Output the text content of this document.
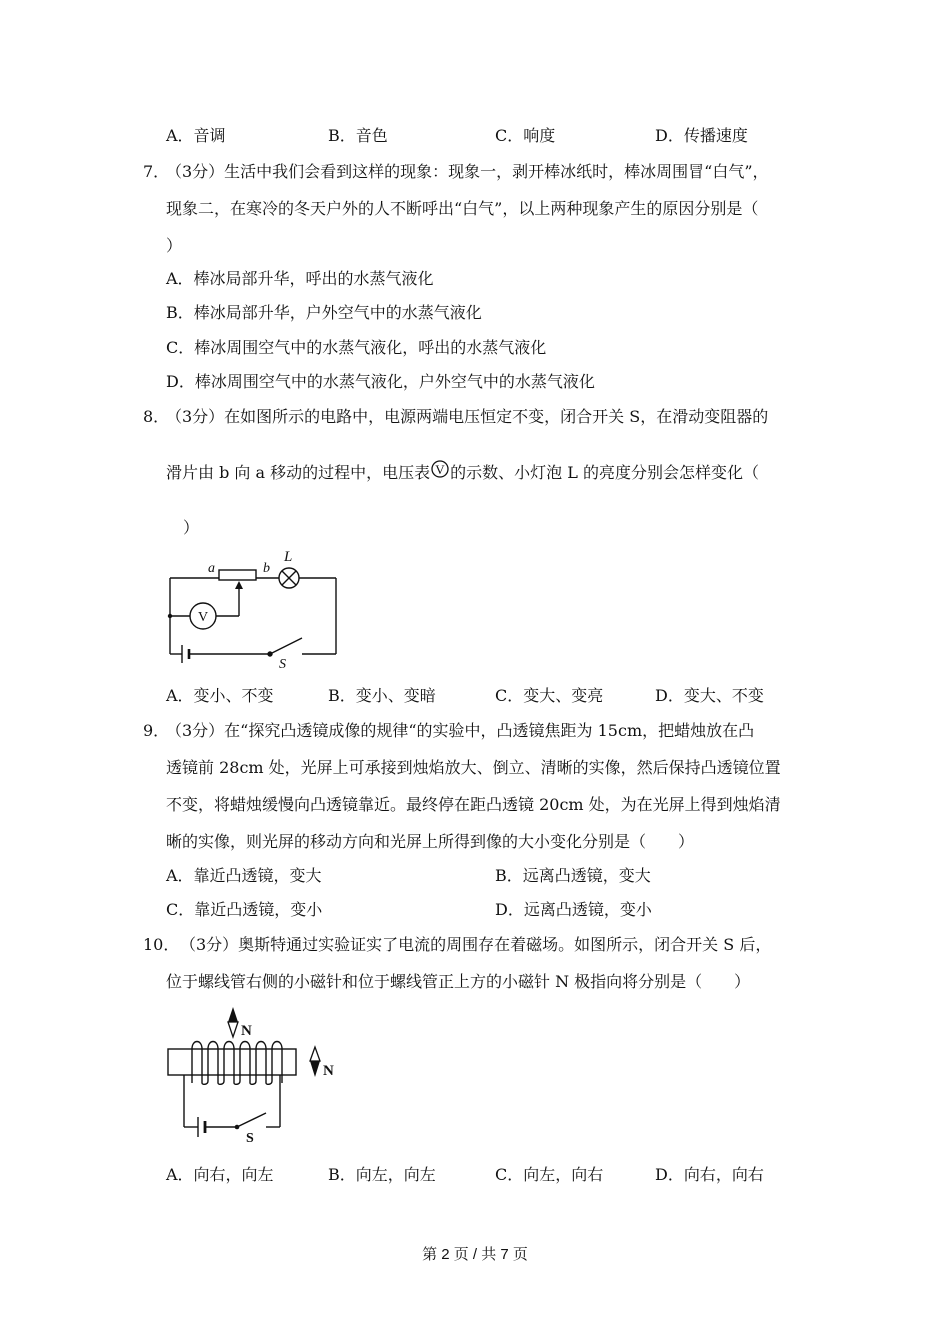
A．音调	B．音色	C．响度	D．传播速度
7．
（3分）生活中我们会看到这样的现象：现象一，剥开棒冰纸时，棒冰周围冒“白气”，
现象二，在寒冷的冬天户外的人不断呼出“白气”，以上两种现象产生的原因分别是（
）
A．棒冰局部升华，呼出的水蒸气液化
B．棒冰局部升华，户外空气中的水蒸气液化
C．棒冰周围空气中的水蒸气液化，呼出的水蒸气液化
D．棒冰周围空气中的水蒸气液化，户外空气中的水蒸气液化
8．
（3分）在如图所示的电路中，电源两端电压恒定不变，闭合开关 S，在滑动变阻器的
滑片由 b 向 a 移动的过程中，电压表 V 的示数、小灯泡 L 的亮度分别会怎样变化（
）
a	b
L
V
S
A．变小、不变	B．变小、变暗	C．变大、变亮	D．变大、不变
9．
（3分）在“探究凸透镜成像的规律“的实验中，凸透镜焦距为 15cm，把蜡烛放在凸
透镜前 28cm 处，光屏上可承接到烛焰放大、倒立、清晰的实像，然后保持凸透镜位置
不变，将蜡烛缓慢向凸透镜靠近。最终停在距凸透镜 20cm 处，为在光屏上得到烛焰清
晰的实像，则光屏的移动方向和光屏上所得到像的大小变化分别是（　　）
A．靠近凸透镜，变大	B．远离凸透镜，变大
C．靠近凸透镜，变小	D．远离凸透镜，变小
10． （3分）奥斯特通过实验证实了电流的周围存在着磁场。如图所示，闭合开关 S 后，
位于螺线管右侧的小磁针和位于螺线管正上方的小磁针 N 极指向将分别是（　　）
N
S
N
A．向右，向左	B．向左，向左	C．向左，向右	D．向右，向右
第 2 页 / 共 7 页
